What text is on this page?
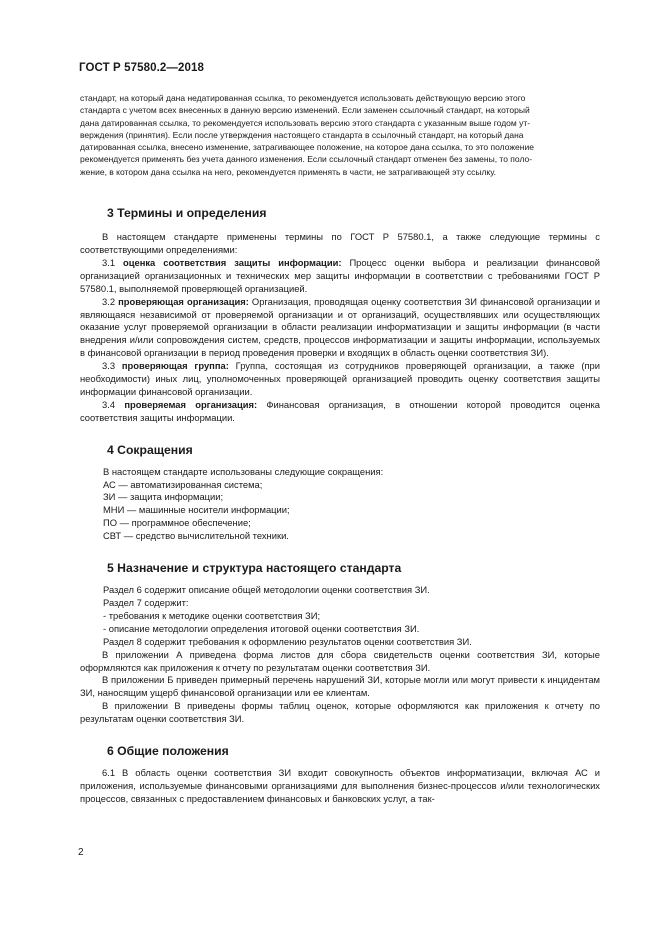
ГОСТ Р 57580.2—2018
стандарт, на который дана недатированная ссылка, то рекомендуется использовать действующую версию этого
стандарта с учетом всех внесенных в данную версию изменений. Если заменен ссылочный стандарт, на который
дана датированная ссылка, то рекомендуется использовать версию этого стандарта с указанным выше годом ут-
верждения (принятия). Если после утверждения настоящего стандарта в ссылочный стандарт, на который дана
датированная ссылка, внесено изменение, затрагивающее положение, на которое дана ссылка, то это положение
рекомендуется применять без учета данного изменения. Если ссылочный стандарт отменен без замены, то поло-
жение, в котором дана ссылка на него, рекомендуется применять в части, не затрагивающей эту ссылку.
3 Термины и определения

В настоящем стандарте применены термины по ГОСТ Р 57580.1, а также следующие термины с соответствующими определениями:

3.1 оценка соответствия защиты информации: Процесс оценки выбора и реализации финансовой организацией организационных и технических мер защиты информации в соответствии с требованиями ГОСТ Р 57580.1, выполняемой проверяющей организацией.

3.2 проверяющая организация: Организация, проводящая оценку соответствия ЗИ финансовой организации и являющаяся независимой от проверяемой организации и от организаций, осуществлявших или осуществляющих оказание услуг проверяемой организации в области реализации информатизации и защиты информации (в части внедрения и/или сопровождения систем, средств, процессов информатизации и защиты информации, используемых в финансовой организации в период проведения проверки и входящих в область оценки соответствия ЗИ).

3.3 проверяющая группа: Группа, состоящая из сотрудников проверяющей организации, а также (при необходимости) иных лиц, уполномоченных проверяющей организацией проводить оценку соответствия защиты информации финансовой организации.

3.4 проверяемая организация: Финансовая организация, в отношении которой проводится оценка соответствия защиты информации.

4 Сокращения
В настоящем стандарте использованы следующие сокращения:
АС — автоматизированная система;
ЗИ — защита информации;
МНИ — машинные носители информации;
ПО — программное обеспечение;
СВТ — средство вычислительной техники.
5 Назначение и структура настоящего стандарта
Раздел 6 содержит описание общей методологии оценки соответствия ЗИ.
Раздел 7 содержит:
- требования к методике оценки соответствия ЗИ;
- описание методологии определения итоговой оценки соответствия ЗИ.
Раздел 8 содержит требования к оформлению результатов оценки соответствия ЗИ.

В приложении А приведена форма листов для сбора свидетельств оценки соответствия ЗИ, которые оформляются как приложения к отчету по результатам оценки соответствия ЗИ.

В приложении Б приведен примерный перечень нарушений ЗИ, которые могли или могут привести к инцидентам ЗИ, наносящим ущерб финансовой организации или ее клиентам.

В приложении В приведены формы таблиц оценок, которые оформляются как приложения к отчету по результатам оценки соответствия ЗИ.

6 Общие положения

6.1 В область оценки соответствия ЗИ входит совокупность объектов информатизации, включая АС и приложения, используемые финансовыми организациями для выполнения бизнес-процессов и/или технологических процессов, связанных с предоставлением финансовых и банковских услуг, а так-

2
